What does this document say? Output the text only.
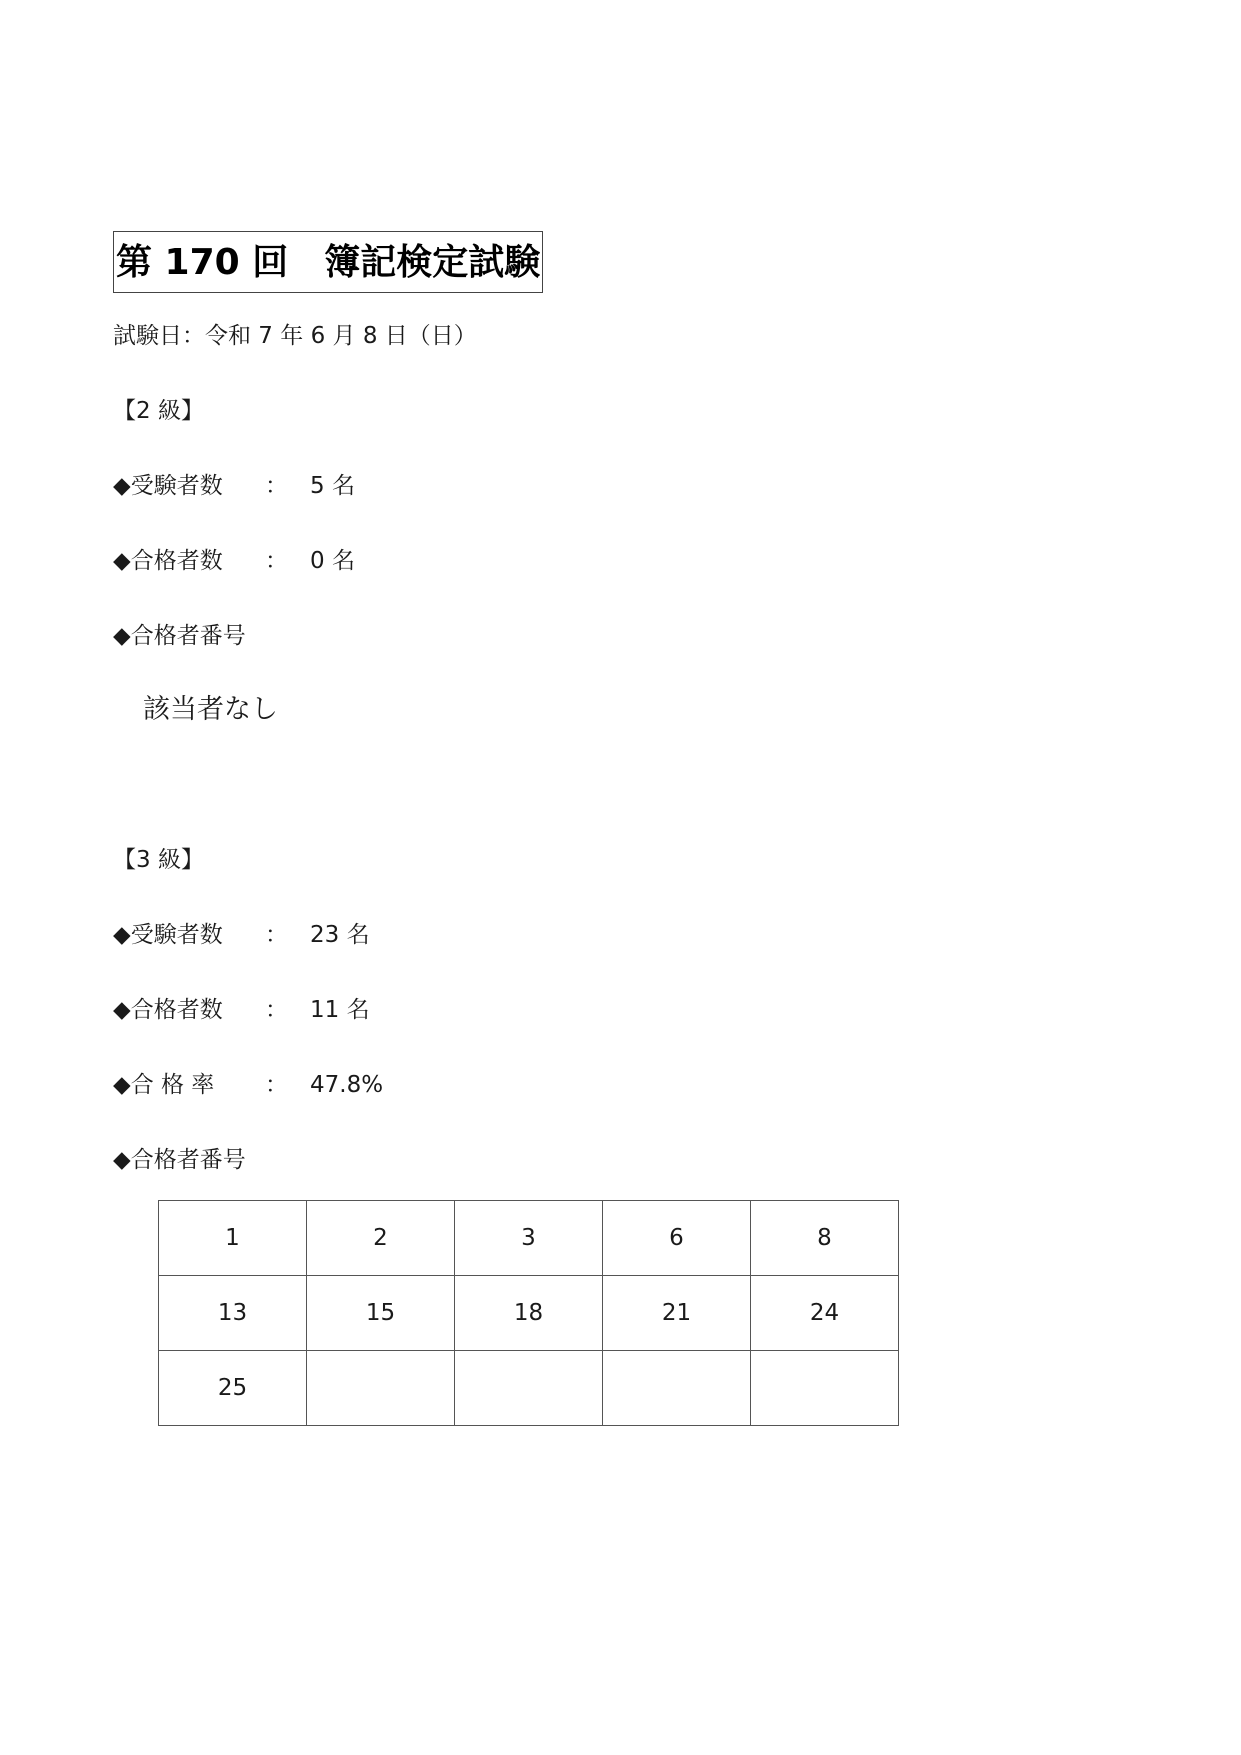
第 170 回　簿記検定試験
試験日：令和 7 年 6 月 8 日（日）
【2 級】
◆受験者数	： 5 名
◆合格者数	： 0 名
◆合格者番号
該当者なし
【3 級】
◆受験者数	： 23 名
◆合格者数	： 11 名
◆合 格 率	： 47.8%
◆合格者番号
1	2	3	6	8
13	15	18	21	24
25				
